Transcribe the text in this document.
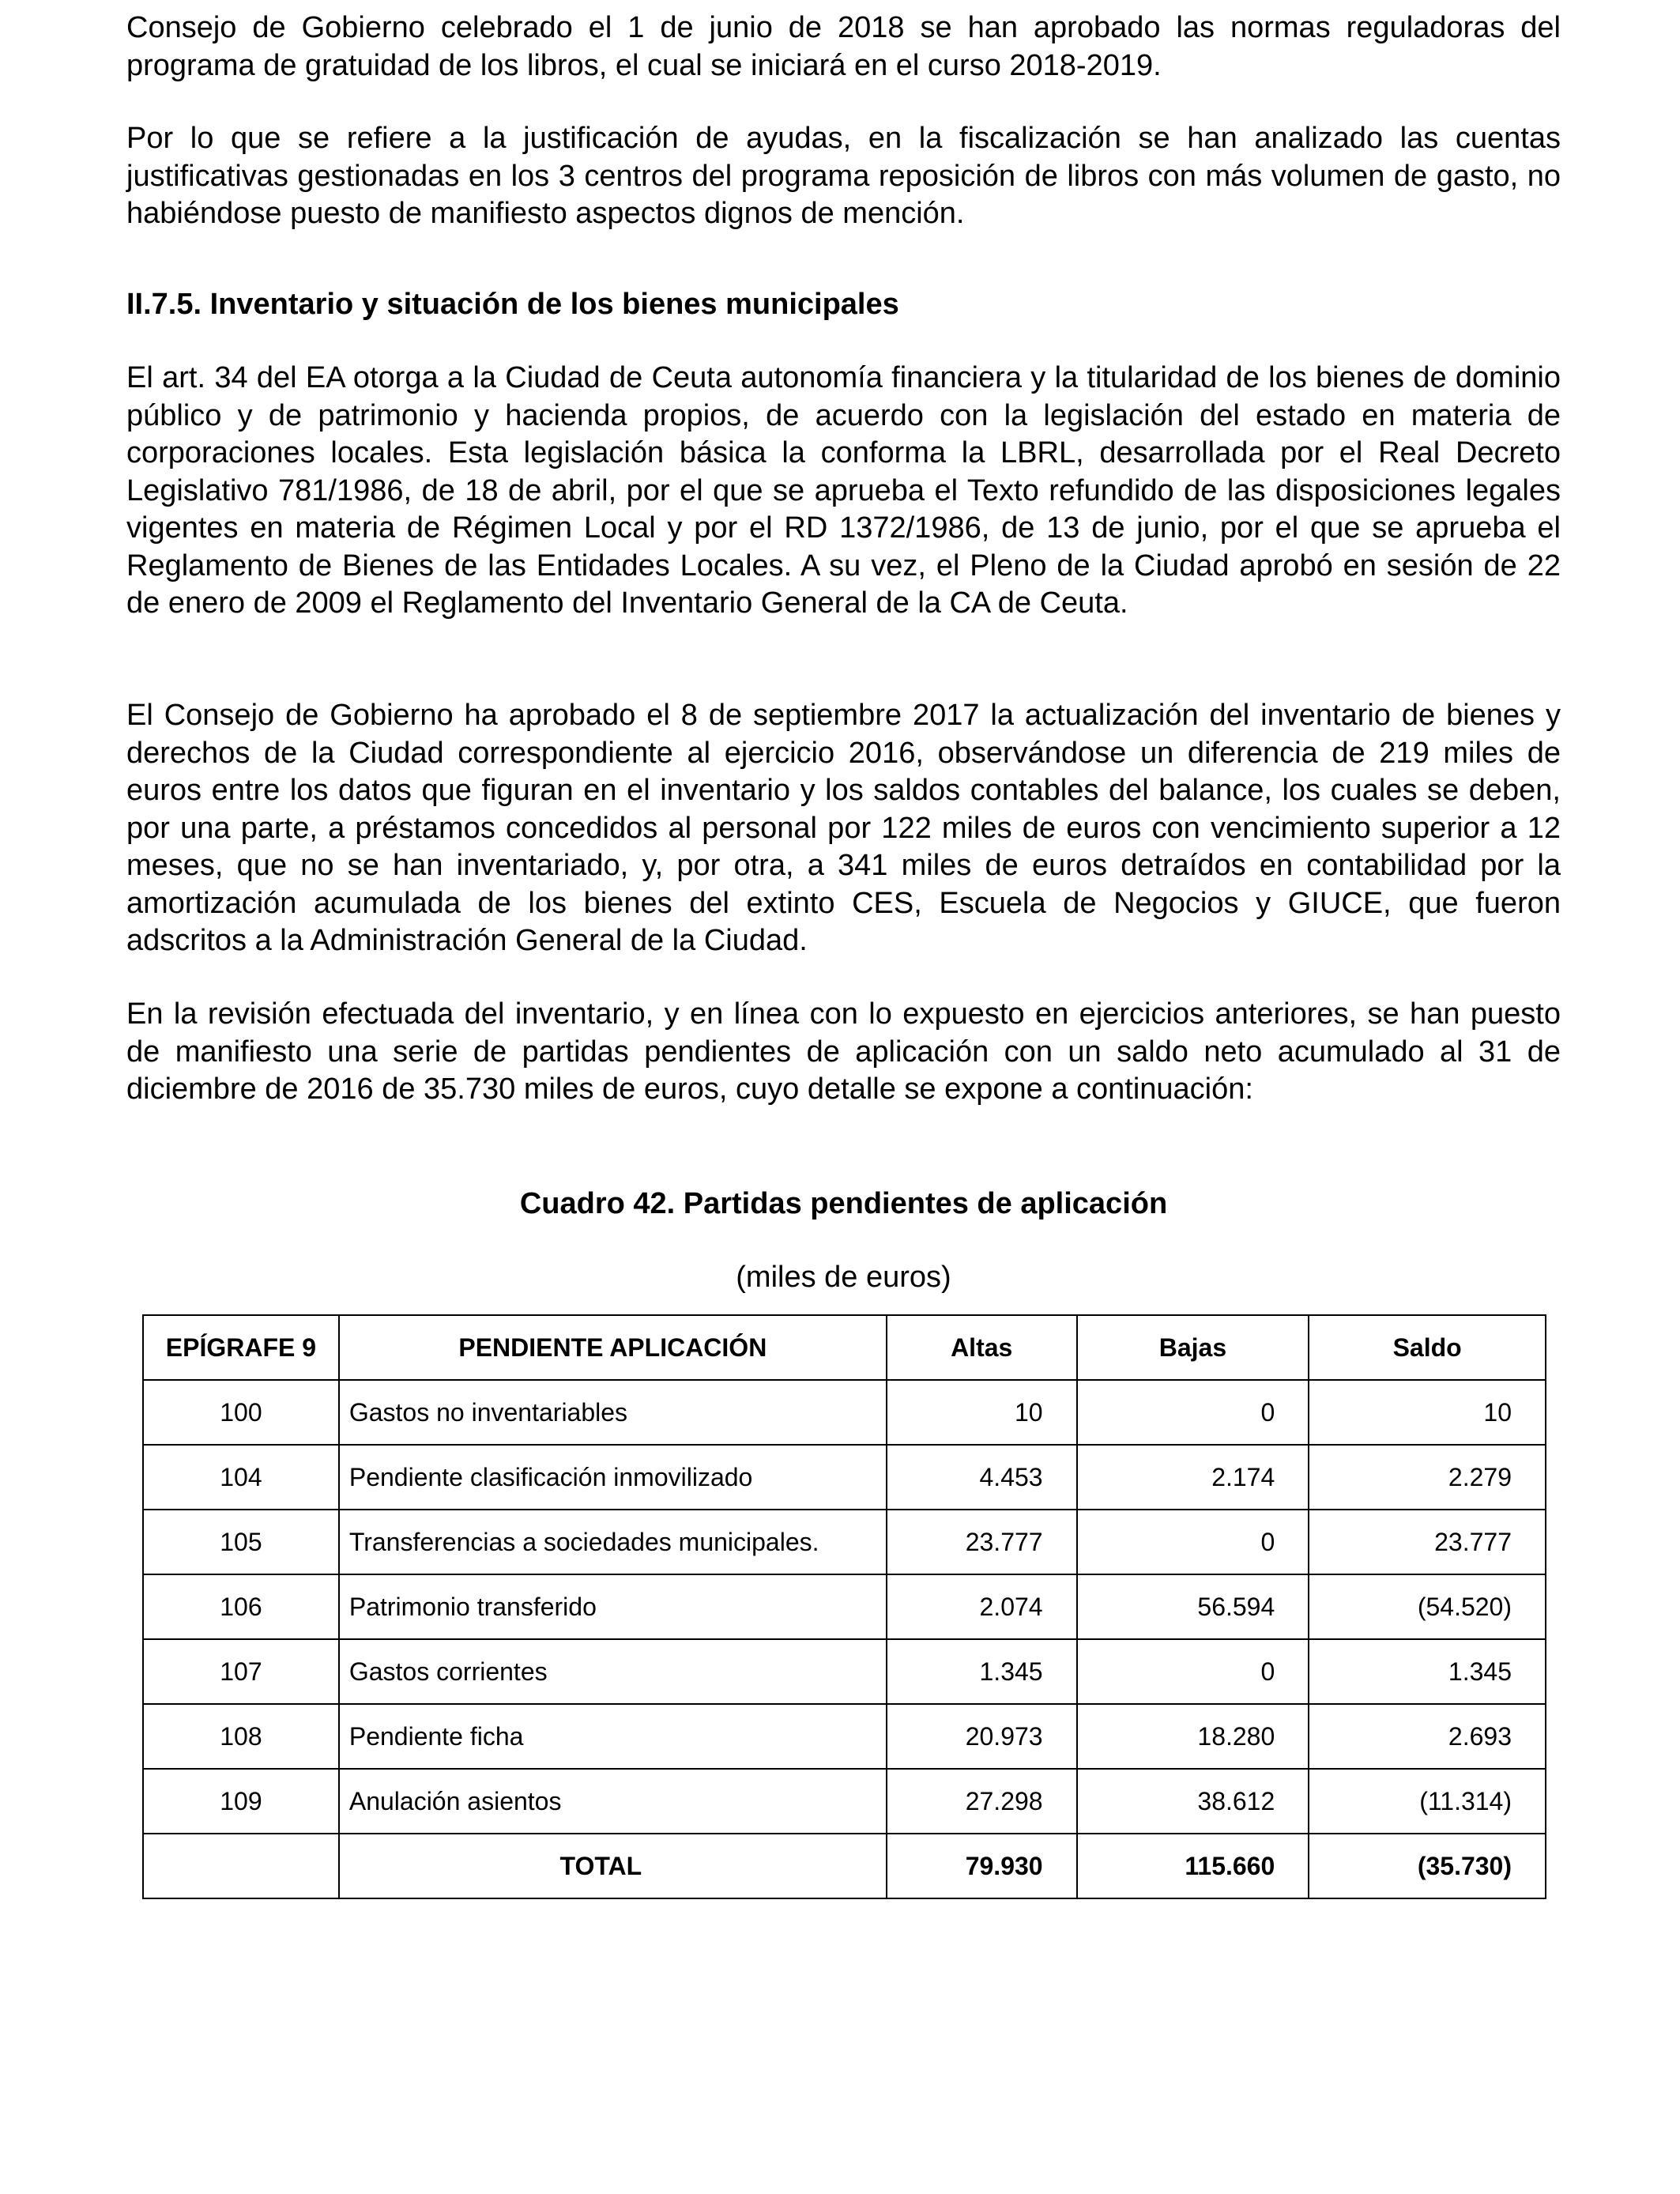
Consejo de Gobierno celebrado el 1 de junio de 2018 se han aprobado las normas reguladoras del programa de gratuidad de los libros, el cual se iniciará en el curso 2018-2019.

Por lo que se refiere a la justificación de ayudas, en la fiscalización se han analizado las cuentas justificativas gestionadas en los 3 centros del programa reposición de libros con más volumen de gasto, no habiéndose puesto de manifiesto aspectos dignos de mención.

II.7.5. Inventario y situación de los bienes municipales

El art. 34 del EA otorga a la Ciudad de Ceuta autonomía financiera y la titularidad de los bienes de dominio público y de patrimonio y hacienda propios, de acuerdo con la legislación del estado en materia de corporaciones locales. Esta legislación básica la conforma la LBRL, desarrollada por el Real Decreto Legislativo 781/1986, de 18 de abril, por el que se aprueba el Texto refundido de las disposiciones legales vigentes en materia de Régimen Local y por el RD 1372/1986, de 13 de junio, por el que se aprueba el Reglamento de Bienes de las Entidades Locales. A su vez, el Pleno de la Ciudad aprobó en sesión de 22 de enero de 2009 el Reglamento del Inventario General de la CA de Ceuta.

El Consejo de Gobierno ha aprobado el 8 de septiembre 2017 la actualización del inventario de bienes y derechos de la Ciudad correspondiente al ejercicio 2016, observándose un diferencia de 219 miles de euros entre los datos que figuran en el inventario y los saldos contables del balance, los cuales se deben, por una parte, a préstamos concedidos al personal por 122 miles de euros con vencimiento superior a 12 meses, que no se han inventariado, y, por otra, a 341 miles de euros detraídos en contabilidad por la amortización acumulada de los bienes del extinto CES, Escuela de Negocios y GIUCE, que fueron adscritos a la Administración General de la Ciudad.

En la revisión efectuada del inventario, y en línea con lo expuesto en ejercicios anteriores, se han puesto de manifiesto una serie de partidas pendientes de aplicación con un saldo neto acumulado al 31 de diciembre de 2016 de 35.730 miles de euros, cuyo detalle se expone a continuación:

Cuadro 42. Partidas pendientes de aplicación

(miles de euros)

EPÍGRAFE 9	PENDIENTE APLICACIÓN	Altas	Bajas	Saldo
100	Gastos no inventariables	10	0	10
104	Pendiente clasificación inmovilizado	4.453	2.174	2.279
105	Transferencias a sociedades municipales.	23.777	0	23.777
106	Patrimonio transferido	2.074	56.594	(54.520)
107	Gastos corrientes	1.345	0	1.345
108	Pendiente ficha	20.973	18.280	2.693
109	Anulación asientos	27.298	38.612	(11.314)
	TOTAL	79.930	115.660	(35.730)
